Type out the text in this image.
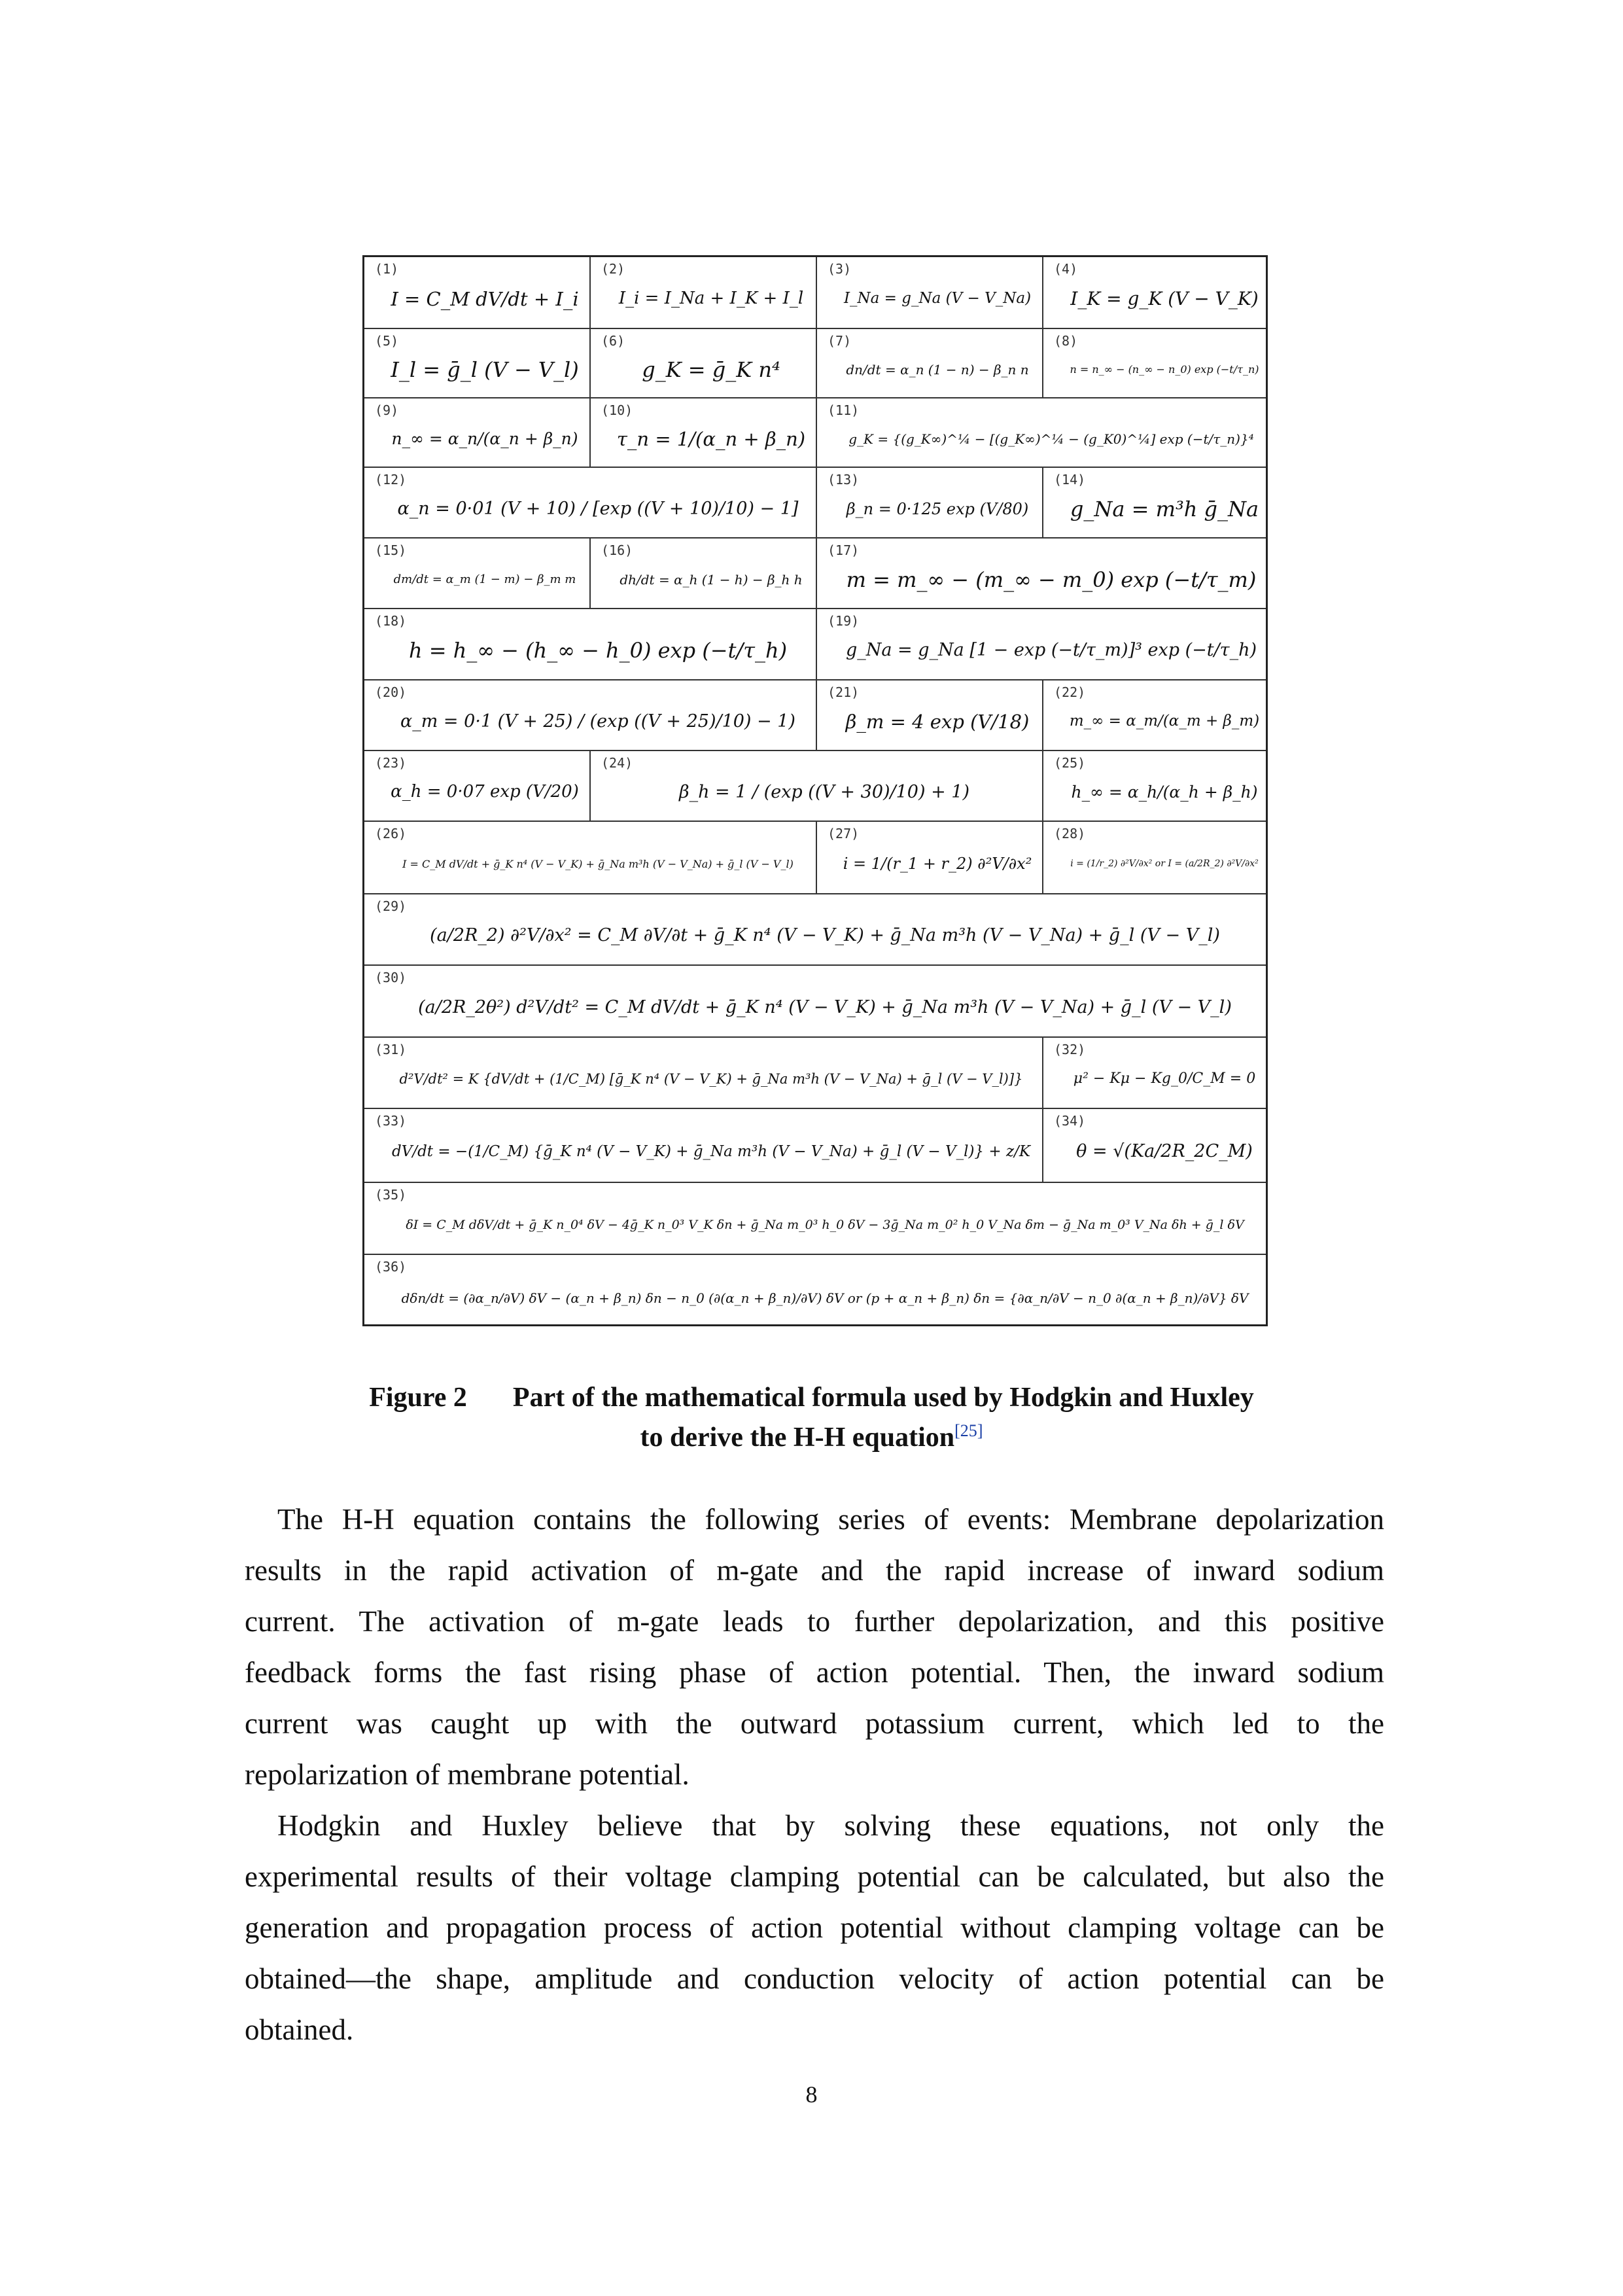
(1)
I = C_M dV/dt + I_i
(2)
I_i = I_Na + I_K + I_l
(3)
I_Na = g_Na (V − V_Na)
(4)
I_K = g_K (V − V_K)
(5)
I_l = ḡ_l (V − V_l)
(6)
g_K = ḡ_K n⁴
(7)
dn/dt = α_n (1 − n) − β_n n
(8)
n = n_∞ − (n_∞ − n_0) exp (−t/τ_n)
(9)
n_∞ = α_n/(α_n + β_n)
(10)
τ_n = 1/(α_n + β_n)
(11)
g_K = {(g_K∞)^¼ − [(g_K∞)^¼ − (g_K0)^¼] exp (−t/τ_n)}⁴
(12)
α_n = 0·01 (V + 10) / [exp ((V + 10)/10) − 1]
(13)
β_n = 0·125 exp (V/80)
(14)
g_Na = m³h ḡ_Na
(15)
dm/dt = α_m (1 − m) − β_m m
(16)
dh/dt = α_h (1 − h) − β_h h
(17)
m = m_∞ − (m_∞ − m_0) exp (−t/τ_m)
(18)
h = h_∞ − (h_∞ − h_0) exp (−t/τ_h)
(19)
g_Na = g_Na [1 − exp (−t/τ_m)]³ exp (−t/τ_h)
(20)
α_m = 0·1 (V + 25) / (exp ((V + 25)/10) − 1)
(21)
β_m = 4 exp (V/18)
(22)
m_∞ = α_m/(α_m + β_m)
(23)
α_h = 0·07 exp (V/20)
(24)
β_h = 1 / (exp ((V + 30)/10) + 1)
(25)
h_∞ = α_h/(α_h + β_h)
(26)
I = C_M dV/dt + ḡ_K n⁴ (V − V_K) + ḡ_Na m³h (V − V_Na) + ḡ_l (V − V_l)
(27)
i = 1/(r_1 + r_2) ∂²V/∂x²
(28)
i = (1/r_2) ∂²V/∂x² or I = (a/2R_2) ∂²V/∂x²
(29)
(a/2R_2) ∂²V/∂x² = C_M ∂V/∂t + ḡ_K n⁴ (V − V_K) + ḡ_Na m³h (V − V_Na) + ḡ_l (V − V_l)
(30)
(a/2R_2θ²) d²V/dt² = C_M dV/dt + ḡ_K n⁴ (V − V_K) + ḡ_Na m³h (V − V_Na) + ḡ_l (V − V_l)
(31)
d²V/dt² = K {dV/dt + (1/C_M) [ḡ_K n⁴ (V − V_K) + ḡ_Na m³h (V − V_Na) + ḡ_l (V − V_l)]}
(32)
μ² − Kμ − Kg_0/C_M = 0
(33)
dV/dt = −(1/C_M) {ḡ_K n⁴ (V − V_K) + ḡ_Na m³h (V − V_Na) + ḡ_l (V − V_l)} + z/K
(34)
θ = √(Ka/2R_2C_M)
(35)
δI = C_M dδV/dt + ḡ_K n_0⁴ δV − 4ḡ_K n_0³ V_K δn + ḡ_Na m_0³ h_0 δV − 3ḡ_Na m_0² h_0 V_Na δm − ḡ_Na m_0³ V_Na δh + ḡ_l δV
(36)
dδn/dt = (∂α_n/∂V) δV − (α_n + β_n) δn − n_0 (∂(α_n + β_n)/∂V) δV or (p + α_n + β_n) δn = {∂α_n/∂V − n_0 ∂(α_n + β_n)/∂V} δV
Figure 2 Part of the mathematical formula used by Hodgkin and Huxley
to derive the H-H equation[25]
The H-H equation contains the following series of events: Membrane depolarization
results in the rapid activation of m-gate and the rapid increase of inward sodium
current. The activation of m-gate leads to further depolarization, and this positive
feedback forms the fast rising phase of action potential. Then, the inward sodium
current was caught up with the outward potassium current, which led to the
repolarization of membrane potential.
Hodgkin and Huxley believe that by solving these equations, not only the
experimental results of their voltage clamping potential can be calculated, but also the
generation and propagation process of action potential without clamping voltage can be
obtained—the shape, amplitude and conduction velocity of action potential can be
obtained.
8
